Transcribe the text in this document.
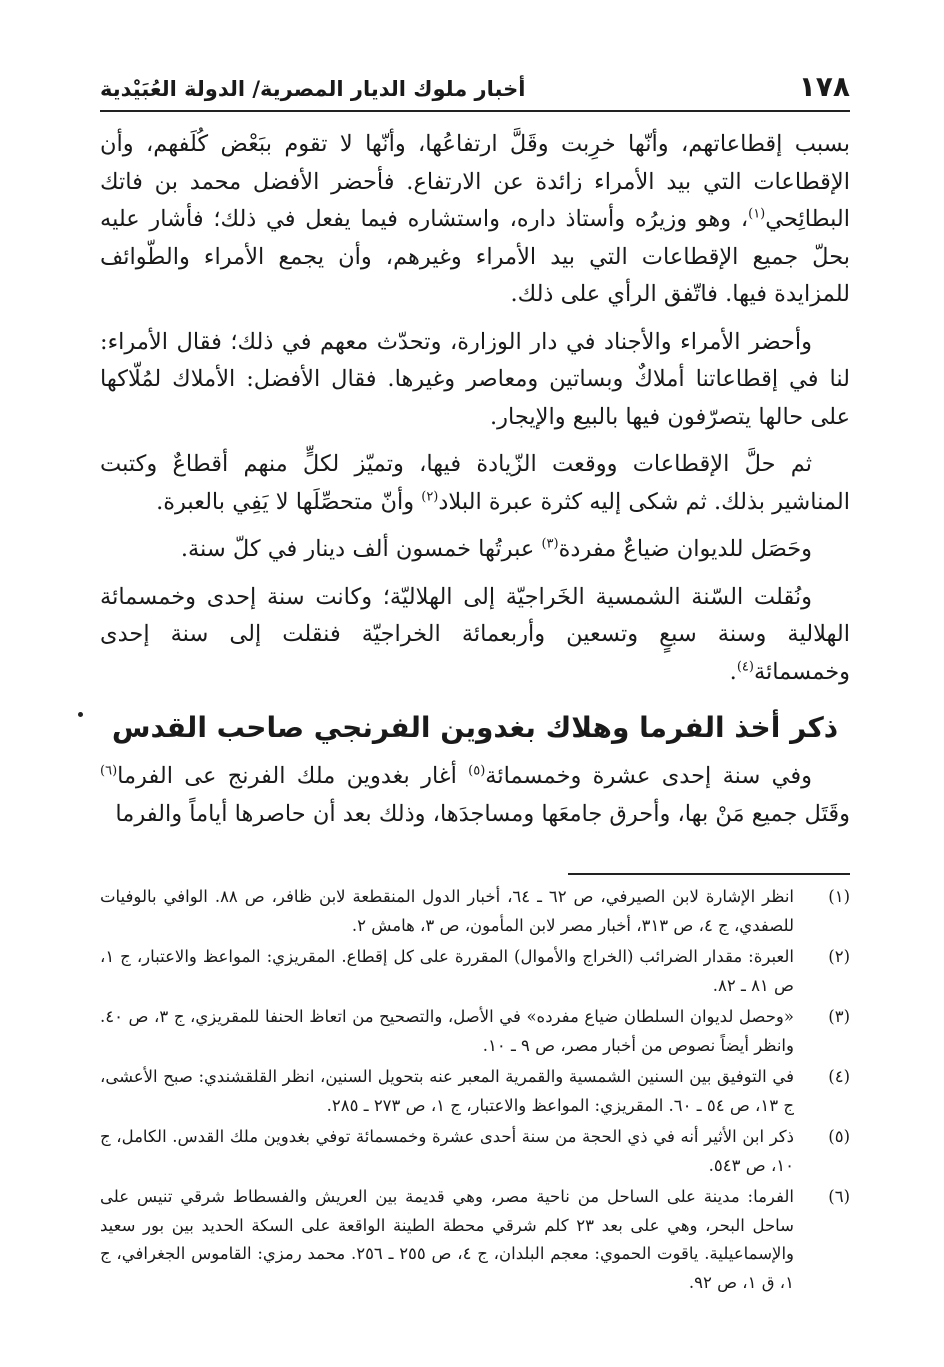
١٧٨
أخبار ملوك الديار المصرية/ الدولة العُبَيْدية

بسبب إقطاعاتهم، وأنّها خرِبت وقَلَّ ارتفاعُها، وأنّها لا تقوم ببَعْض كُلَفهم، وأن الإقطاعات التي بيد الأمراء زائدة عن الارتفاع. فأحضر الأفضل محمد بن فاتك البطائِحي$^{(١)}$، وهو وزيرُه وأستاذ داره، واستشاره فيما يفعل في ذلك؛ فأشار عليه بحلّ جميع الإقطاعات التي بيد الأمراء وغيرهم، وأن يجمع الأمراء والطّوائف للمزايدة فيها. فاتّفق الرأي على ذلك.

وأحضر الأمراء والأجناد في دار الوزارة، وتحدّث معهم في ذلك؛ فقال الأمراء: لنا في إقطاعاتنا أملاكٌ وبساتين ومعاصر وغيرها. فقال الأفضل: الأملاك لمُلّاكها على حالها يتصرّفون فيها بالبيع والإيجار.

ثم حلَّ الإقطاعات ووقعت الزّيادة فيها، وتميّز لكلٍّ منهم أقطاعٌ وكتبت المناشير بذلك. ثم شكى إليه كثرة عبرة البلاد$^{(٢)}$ وأنّ متحصِّلَها لا يَفِي بالعبرة.

وحَصَل للديوان ضياعٌ مفردة$^{(٣)}$ عبرتُها خمسون ألف دينار في كلّ سنة.

ونُقلت السّنة الشمسية الخَراجيّة إلى الهلاليّة؛ وكانت سنة إحدى وخمسمائة الهلالية وسنة سبعٍ وتسعين وأربعمائة الخراجيّة فنقلت إلى سنة إحدى وخمسمائة$^{(٤)}$.

ذكر أخذ الفرما وهلاك بغدوين الفرنجي صاحب القدس

وفي سنة إحدى عشرة وخمسمائة$^{(٥)}$ أغار بغدوين ملك الفرنج عى الفرما$^{(٦)}$ وقَتَل جميع مَنْ بها، وأحرق جامعَها ومساجدَها، وذلك بعد أن حاصرها أياماً والفرما

(١)
انظر الإشارة لابن الصيرفي، ص ٦٢ ـ ٦٤، أخبار الدول المنقطعة لابن ظافر، ص ٨٨. الوافي بالوفيات للصفدي، ج ٤، ص ٣١٣، أخبار مصر لابن المأمون، ص ٣، هامش ٢.
(٢)
العبرة: مقدار الضرائب (الخراج والأموال) المقررة على كل إقطاع. المقريزي: المواعظ والاعتبار، ج ١، ص ٨١ ـ ٨٢.
(٣)
«وحصل لديوان السلطان ضياع مفرده» في الأصل، والتصحيح من اتعاظ الحنفا للمقريزي، ج ٣، ص ٤٠. وانظر أيضاً نصوص من أخبار مصر، ص ٩ ـ ١٠.
(٤)
في التوفيق بين السنين الشمسية والقمرية المعبر عنه بتحويل السنين، انظر القلقشندي: صبح الأعشى، ج ١٣، ص ٥٤ ـ ٦٠. المقريزي: المواعظ والاعتبار، ج ١، ص ٢٧٣ ـ ٢٨٥.
(٥)
ذكر ابن الأثير أنه في ذي الحجة من سنة أحدى عشرة وخمسمائة توفي بغدوين ملك القدس. الكامل، ج ١٠، ص ٥٤٣.
(٦)
الفرما: مدينة على الساحل من ناحية مصر، وهي قديمة بين العريش والفسطاط شرقي تنيس على ساحل البحر، وهي على بعد ٢٣ كلم شرقي محطة الطينة الواقعة على السكة الحديد بين بور سعيد والإسماعيلية. ياقوت الحموي: معجم البلدان، ج ٤، ص ٢٥٥ ـ ٢٥٦. محمد رمزي: القاموس الجغرافي، ج ١، ق ١، ص ٩٢.
